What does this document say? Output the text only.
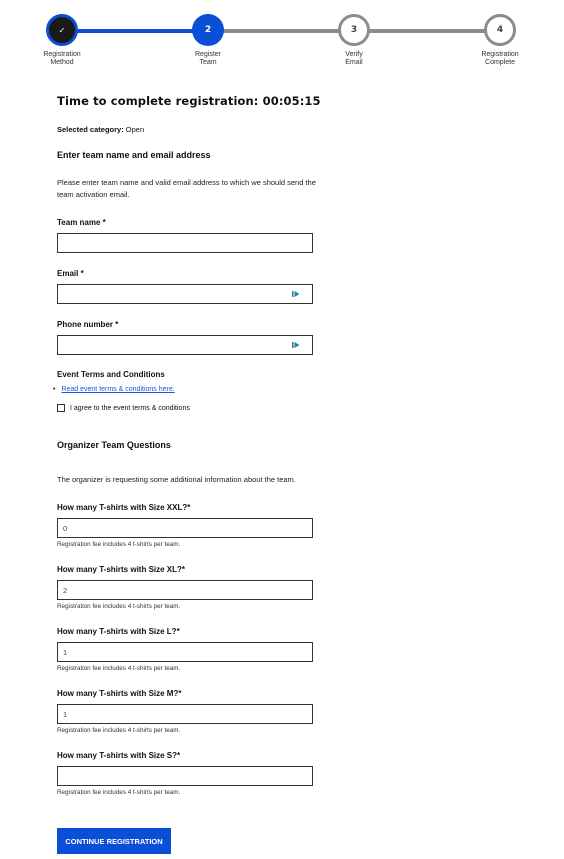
✓
Registration
Method
2
Register
Team
3
Verify
Email
4
Registration
Complete
Time to complete registration: 00:05:15
Selected category: Open
Enter team name and email address
Please enter team name and valid email address to which we should send the team activation email.
Team name *
Email *
Phone number *
Event Terms and Conditions
• Read event terms & conditions here.
I agree to the event terms & conditions
Organizer Team Questions
The organizer is requesting some additional information about the team.
How many T-shirts with Size XXL?*
0
Registration fee includes 4 t-shirts per team.
How many T-shirts with Size XL?*
2
Registration fee includes 4 t-shirts per team.
How many T-shirts with Size L?*
1
Registration fee includes 4 t-shirts per team.
How many T-shirts with Size M?*
1
Registration fee includes 4 t-shirts per team.
How many T-shirts with Size S?*
Registration fee includes 4 t-shirts per team.
CONTINUE REGISTRATION
